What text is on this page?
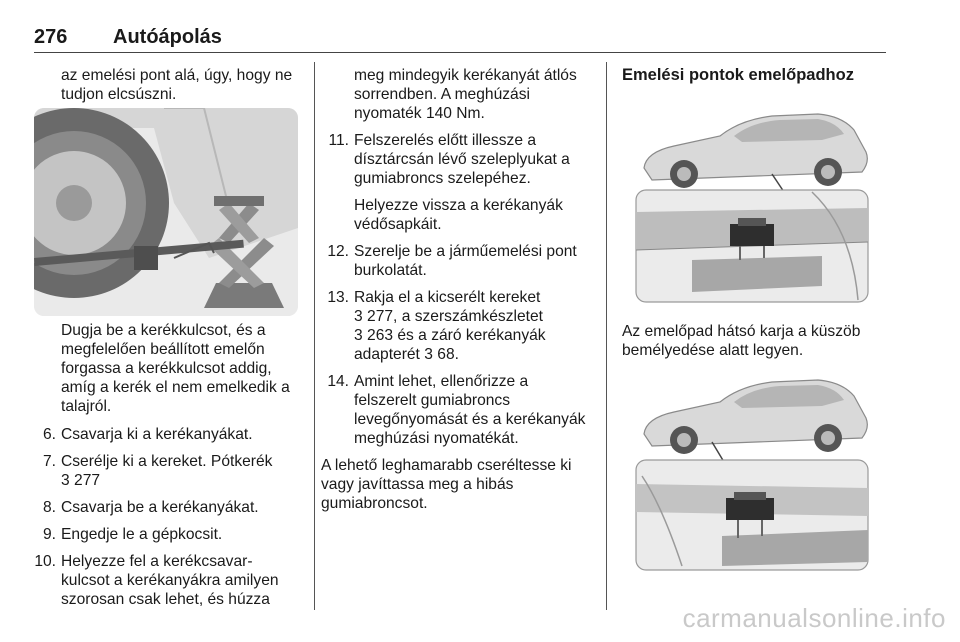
276 Autóápolás
az emelési pont alá, úgy, hogy ne
tudjon elcsúszni.
Dugja be a kerékkulcsot, és a
megfelelően beállított emelőn
forgassa a kerékkulcsot addig,
amíg a kerék el nem emelkedik a
talajról.
6. Csavarja ki a kerékanyákat.
7. Cserélje ki a kereket. Pótkerék
3 277
8. Csavarja be a kerékanyákat.
9. Engedje le a gépkocsit.
10. Helyezze fel a kerékcsavar-
kulcsot a kerékanyákra amilyen
szorosan csak lehet, és húzza
meg mindegyik kerékanyát átlós
sorrendben. A meghúzási
nyomaték 140 Nm.
11. Felszerelés előtt illessze a
dísztárcsán lévő szeleplyukat a
gumiabroncs szelepéhez.
Helyezze vissza a kerékanyák
védősapkáit.
12. Szerelje be a járműemelési pont
burkolatát.
13. Rakja el a kicserélt kereket
3 277, a szerszámkészletet
3 263 és a záró kerékanyák
adapterét 3 68.
14. Amint lehet, ellenőrizze a
felszerelt gumiabroncs
levegőnyomását és a kerékanyák
meghúzási nyomatékát.

A lehető leghamarabb cseréltesse ki
vagy javíttassa meg a hibás
gumiabroncsot.

Emelési pontok emelőpadhoz

Az emelőpad hátsó karja a küszöb
bemélyedése alatt legyen.

carmanualsonline.info
